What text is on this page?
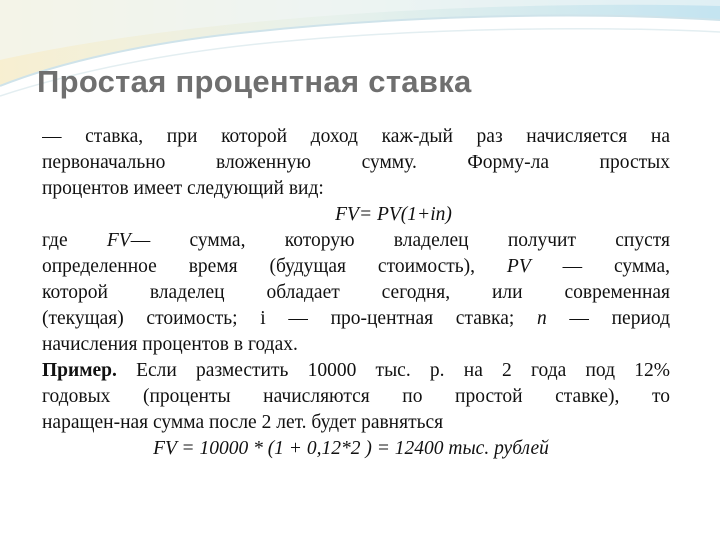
Простая процентная ставка
— ставка, при которой доход каж-дый раз начисляется на
первоначально вложенную сумму. Форму-ла простых
процентов имеет следующий вид:
FV= PV(1+in)
где FV— сумма, которую владелец получит спустя
определенное время (будущая стоимость), PV — сумма,
которой владелец обладает сегодня, или современная
(текущая) стоимость; i — про-центная ставка; n — период
начисления процентов в годах.
Пример. Если разместить 10000 тыс. р. на 2 года под 12%
годовых (проценты начисляются по простой ставке), то
наращен-ная сумма после 2 лет. будет равняться
FV = 10000 * (1 + 0,12*2 ) = 12400 тыс. рублей
